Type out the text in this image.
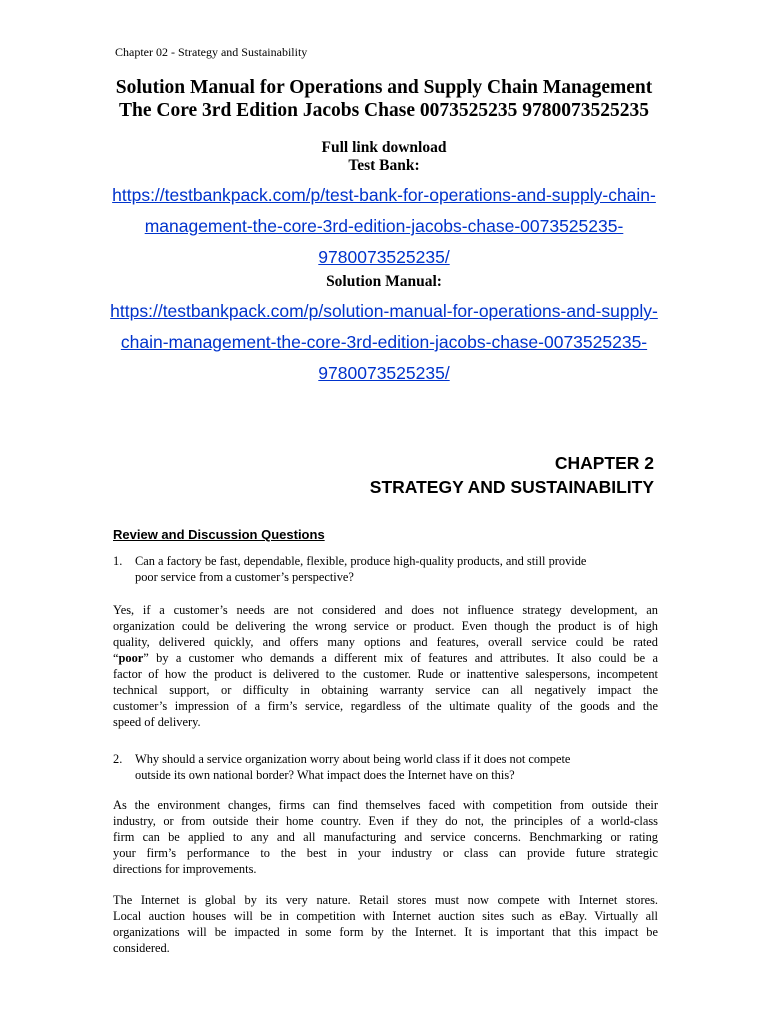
Chapter 02 - Strategy and Sustainability
Solution Manual for Operations and Supply Chain Management
The Core 3rd Edition Jacobs Chase 0073525235 9780073525235
Full link download
Test Bank:
https://testbankpack.com/p/test-bank-for-operations-and-supply-chain-
management-the-core-3rd-edition-jacobs-chase-0073525235-
9780073525235/
Solution Manual:
https://testbankpack.com/p/solution-manual-for-operations-and-supply-
chain-management-the-core-3rd-edition-jacobs-chase-0073525235-
9780073525235/
CHAPTER 2
STRATEGY AND SUSTAINABILITY
Review and Discussion Questions
1. Can a factory be fast, dependable, flexible, produce high-quality products, and still provide
poor service from a customer’s perspective?
Yes, if a customer’s needs are not considered and does not influence strategy development, an
organization could be delivering the wrong service or product. Even though the product is of high
quality, delivered quickly, and offers many options and features, overall service could be rated
“poor” by a customer who demands a different mix of features and attributes. It also could be a
factor of how the product is delivered to the customer. Rude or inattentive salespersons, incompetent
technical support, or difficulty in obtaining warranty service can all negatively impact the
customer’s impression of a firm’s service, regardless of the ultimate quality of the goods and the
speed of delivery.
2. Why should a service organization worry about being world class if it does not compete
outside its own national border? What impact does the Internet have on this?
As the environment changes, firms can find themselves faced with competition from outside their
industry, or from outside their home country. Even if they do not, the principles of a world-class
firm can be applied to any and all manufacturing and service concerns. Benchmarking or rating
your firm’s performance to the best in your industry or class can provide future strategic
directions for improvements.
The Internet is global by its very nature. Retail stores must now compete with Internet stores.
Local auction houses will be in competition with Internet auction sites such as eBay. Virtually all
organizations will be impacted in some form by the Internet. It is important that this impact be
considered.
